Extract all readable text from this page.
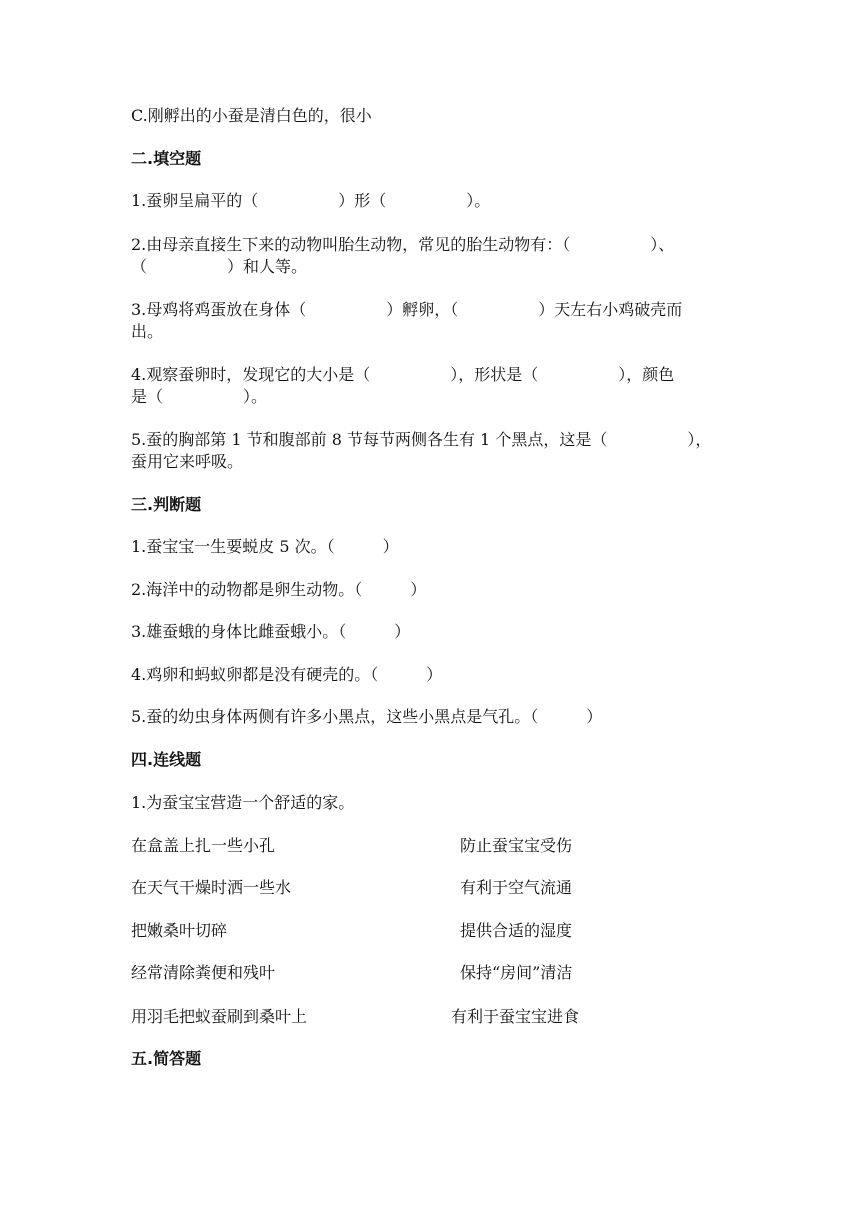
C.刚孵出的小蚕是清白色的，很小
二.填空题
1.蚕卵呈扁平的（　　　　　）形（　　　　　）。
2.由母亲直接生下来的动物叫胎生动物，常见的胎生动物有：（　　　　　）、
（　　　　　）和人等。
3.母鸡将鸡蛋放在身体（　　　　　）孵卵，（　　　　　）天左右小鸡破壳而
出。
4.观察蚕卵时，发现它的大小是（　　　　　），形状是（　　　　　），颜色
是（　　　　　）。
5.蚕的胸部第 1 节和腹部前 8 节每节两侧各生有 1 个黑点，这是（　　　　　），
蚕用它来呼吸。
三.判断题
1.蚕宝宝一生要蜕皮 5 次。（　　　）
2.海洋中的动物都是卵生动物。（　　　）
3.雄蚕蛾的身体比雌蚕蛾小。（　　　）
4.鸡卵和蚂蚁卵都是没有硬壳的。（　　　）
5.蚕的幼虫身体两侧有许多小黑点，这些小黑点是气孔。（　　　）
四.连线题
1.为蚕宝宝营造一个舒适的家。
在盒盖上扎一些小孔	防止蚕宝宝受伤
在天气干燥时洒一些水	有利于空气流通
把嫩桑叶切碎	提供合适的湿度
经常清除粪便和残叶	保持“房间”清洁
用羽毛把蚁蚕刷到桑叶上	有利于蚕宝宝进食
五.简答题
